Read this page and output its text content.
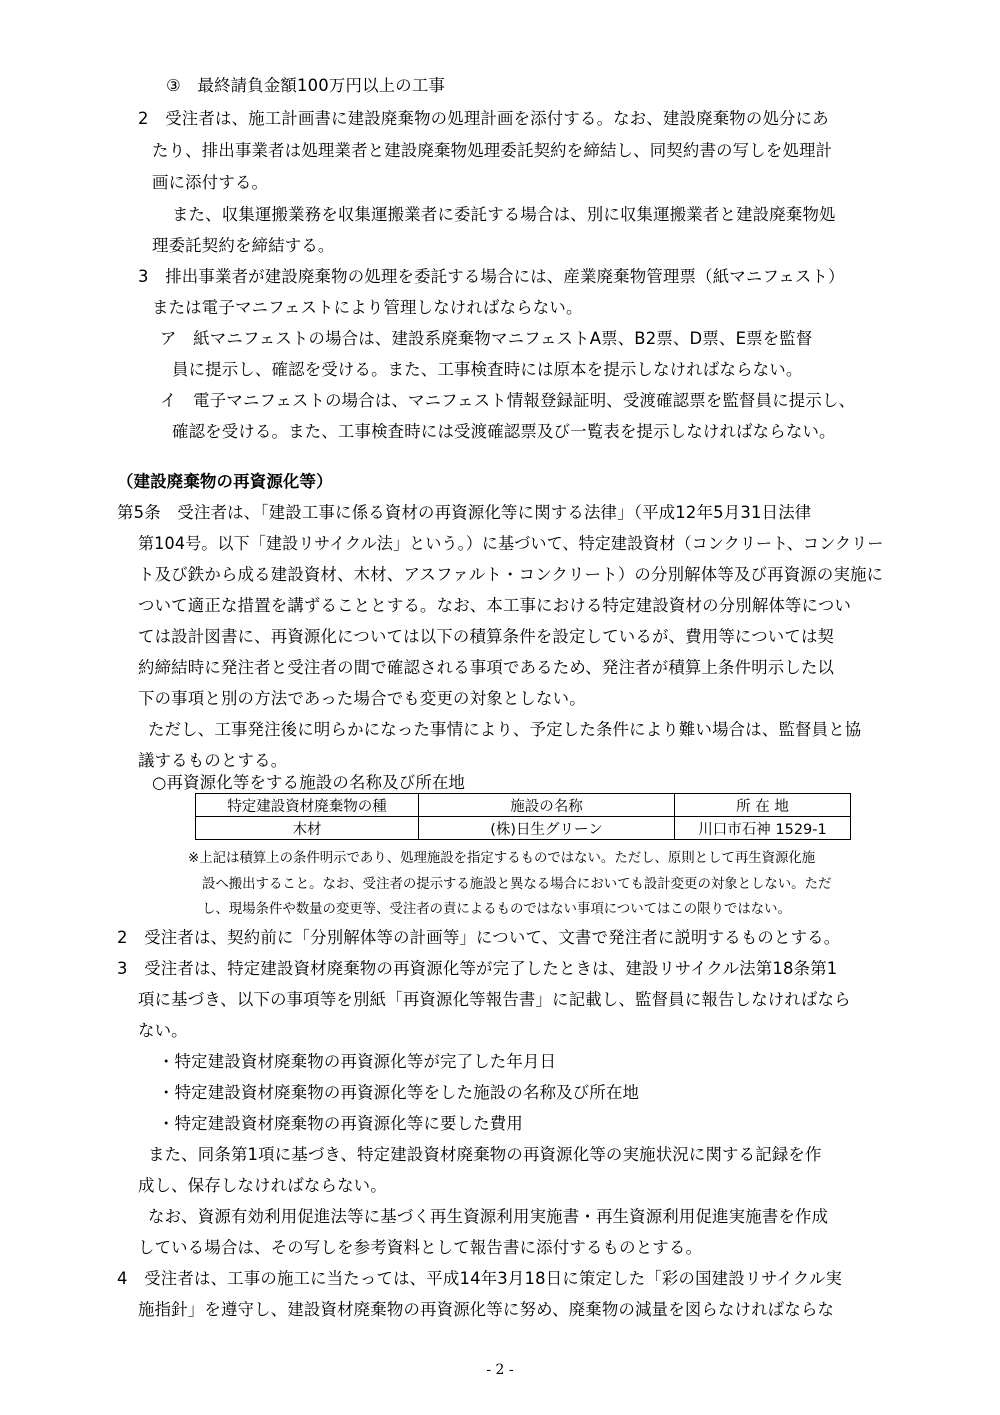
③　最終請負金額100万円以上の工事
2　受注者は、施工計画書に建設廃棄物の処理計画を添付する。なお、建設廃棄物の処分にあ
たり、排出事業者は処理業者と建設廃棄物処理委託契約を締結し、同契約書の写しを処理計
画に添付する。
また、収集運搬業務を収集運搬業者に委託する場合は、別に収集運搬業者と建設廃棄物処
理委託契約を締結する。
3　排出事業者が建設廃棄物の処理を委託する場合には、産業廃棄物管理票（紙マニフェスト）
または電子マニフェストにより管理しなければならない。
ア　紙マニフェストの場合は、建設系廃棄物マニフェストA票、B2票、D票、E票を監督
員に提示し、確認を受ける。また、工事検査時には原本を提示しなければならない。
イ　電子マニフェストの場合は、マニフェスト情報登録証明、受渡確認票を監督員に提示し、
確認を受ける。また、工事検査時には受渡確認票及び一覧表を提示しなければならない。
（建設廃棄物の再資源化等）
第5条　受注者は、「建設工事に係る資材の再資源化等に関する法律」（平成12年5月31日法律
第104号。以下「建設リサイクル法」という。）に基づいて、特定建設資材（コンクリート、コンクリー
ト及び鉄から成る建設資材、木材、アスファルト・コンクリート）の分別解体等及び再資源の実施に
ついて適正な措置を講ずることとする。なお、本工事における特定建設資材の分別解体等につい
ては設計図書に、再資源化については以下の積算条件を設定しているが、費用等については契
約締結時に発注者と受注者の間で確認される事項であるため、発注者が積算上条件明示した以
下の事項と別の方法であった場合でも変更の対象としない。
ただし、工事発注後に明らかになった事情により、予定した条件により難い場合は、監督員と協
議するものとする。
○再資源化等をする施設の名称及び所在地
特定建設資材廃棄物の種	施設の名称	所 在 地
木材	(株)日生グリーン	川口市石神 1529-1
※上記は積算上の条件明示であり、処理施設を指定するものではない。ただし、原則として再生資源化施
設へ搬出すること。なお、受注者の提示する施設と異なる場合においても設計変更の対象としない。ただ
し、現場条件や数量の変更等、受注者の責によるものではない事項についてはこの限りではない。
2　受注者は、契約前に「分別解体等の計画等」について、文書で発注者に説明するものとする。
3　受注者は、特定建設資材廃棄物の再資源化等が完了したときは、建設リサイクル法第18条第1
項に基づき、以下の事項等を別紙「再資源化等報告書」に記載し、監督員に報告しなければなら
ない。
・特定建設資材廃棄物の再資源化等が完了した年月日
・特定建設資材廃棄物の再資源化等をした施設の名称及び所在地
・特定建設資材廃棄物の再資源化等に要した費用
また、同条第1項に基づき、特定建設資材廃棄物の再資源化等の実施状況に関する記録を作
成し、保存しなければならない。
なお、資源有効利用促進法等に基づく再生資源利用実施書・再生資源利用促進実施書を作成
している場合は、その写しを参考資料として報告書に添付するものとする。
4　受注者は、工事の施工に当たっては、平成14年3月18日に策定した「彩の国建設リサイクル実
施指針」を遵守し、建設資材廃棄物の再資源化等に努め、廃棄物の減量を図らなければならな
- 2 -
